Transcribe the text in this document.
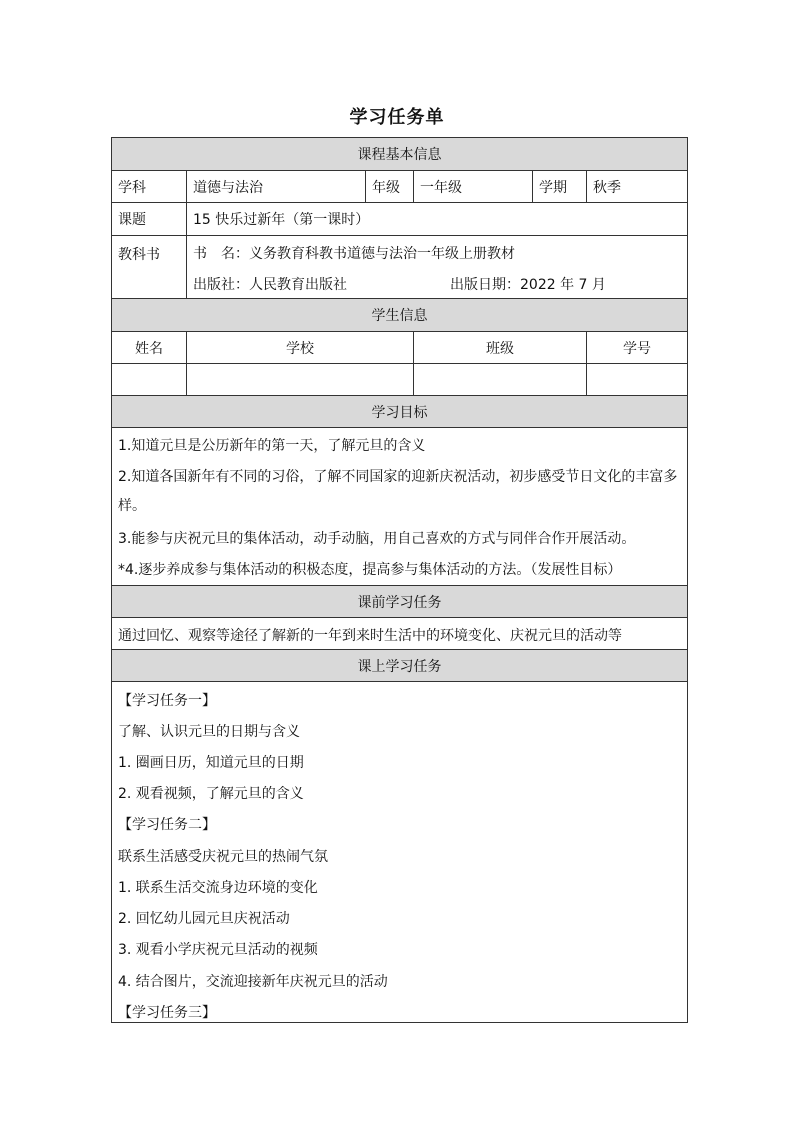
学习任务单
课程基本信息
学科	道德与法治	年级	一年级	学期	秋季
课题	15 快乐过新年（第一课时）
教科书	书　名：义务教育科教书道德与法治一年级上册教材
出版社：人民教育出版社	出版日期：2022 年 7 月
学生信息
姓名	学校	班级	学号
学习目标
1.知道元旦是公历新年的第一天，了解元旦的含义
2.知道各国新年有不同的习俗，了解不同国家的迎新庆祝活动，初步感受节日文化的丰富多
样。
3.能参与庆祝元旦的集体活动，动手动脑，用自己喜欢的方式与同伴合作开展活动。
*4.逐步养成参与集体活动的积极态度，提高参与集体活动的方法。（发展性目标）
课前学习任务
通过回忆、观察等途径了解新的一年到来时生活中的环境变化、庆祝元旦的活动等
课上学习任务
【学习任务一】
了解、认识元旦的日期与含义
1. 圈画日历，知道元旦的日期
2. 观看视频，了解元旦的含义
【学习任务二】
联系生活感受庆祝元旦的热闹气氛
1. 联系生活交流身边环境的变化
2. 回忆幼儿园元旦庆祝活动
3. 观看小学庆祝元旦活动的视频
4. 结合图片，交流迎接新年庆祝元旦的活动
【学习任务三】
